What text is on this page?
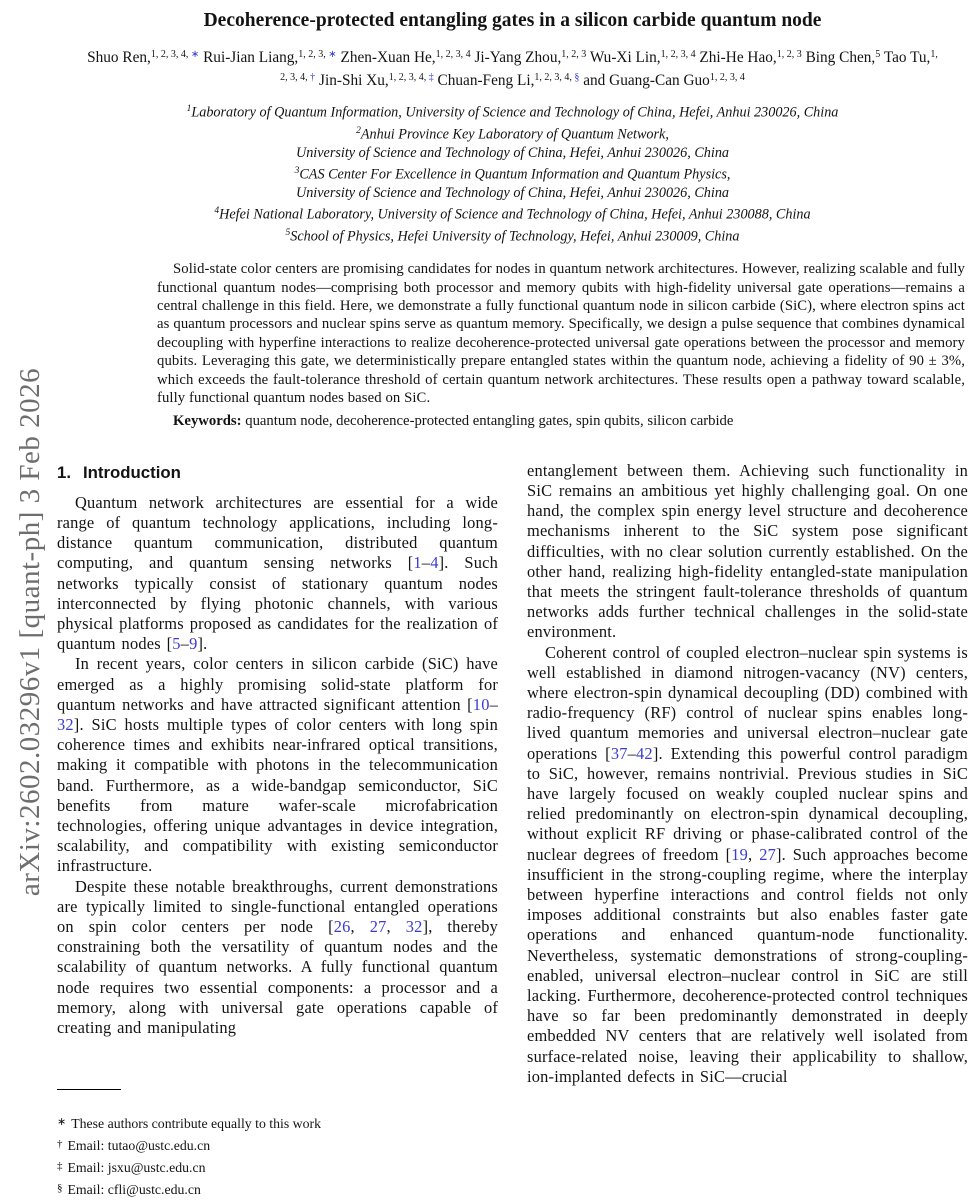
arXiv:2602.03296v1 [quant-ph] 3 Feb 2026
Decoherence-protected entangling gates in a silicon carbide quantum node
Shuo Ren,$^{1, 2, 3, 4,}$ ∗ Rui-Jian Liang,$^{1, 2, 3,}$ ∗ Zhen-Xuan He,$^{1, 2, 3, 4}$ Ji-Yang Zhou,$^{1, 2, 3}$ Wu-Xi Lin,$^{1, 2, 3, 4}$ Zhi-He Hao,$^{1, 2, 3}$ Bing Chen,$^5$ Tao Tu,$^{1, 2, 3, 4,}$ † Jin-Shi Xu,$^{1, 2, 3, 4,}$ ‡ Chuan-Feng Li,$^{1, 2, 3, 4,}$ § and Guang-Can Guo$^{1, 2, 3, 4}$
$^1$Laboratory of Quantum Information, University of Science and Technology of China, Hefei, Anhui 230026, China
$^2$Anhui Province Key Laboratory of Quantum Network,
University of Science and Technology of China, Hefei, Anhui 230026, China
$^3$CAS Center For Excellence in Quantum Information and Quantum Physics,
University of Science and Technology of China, Hefei, Anhui 230026, China
$^4$Hefei National Laboratory, University of Science and Technology of China, Hefei, Anhui 230088, China
$^5$School of Physics, Hefei University of Technology, Hefei, Anhui 230009, China

Solid-state color centers are promising candidates for nodes in quantum network architectures. However, realizing scalable and fully functional quantum nodes—comprising both processor and memory qubits with high-fidelity universal gate operations—remains a central challenge in this field. Here, we demonstrate a fully functional quantum node in silicon carbide (SiC), where electron spins act as quantum processors and nuclear spins serve as quantum memory. Specifically, we design a pulse sequence that combines dynamical decoupling with hyperfine interactions to realize decoherence-protected universal gate operations between the processor and memory qubits. Leveraging this gate, we deterministically prepare entangled states within the quantum node, achieving a fidelity of 90 ± 3%, which exceeds the fault-tolerance threshold of certain quantum network architectures. These results open a pathway toward scalable, fully functional quantum nodes based on SiC.

Keywords: quantum node, decoherence-protected entangling gates, spin qubits, silicon carbide

1. Introduction

Quantum network architectures are essential for a wide range of quantum technology applications, including long-distance quantum communication, distributed quantum computing, and quantum sensing networks [1–4]. Such networks typically consist of stationary quantum nodes interconnected by flying photonic channels, with various physical platforms proposed as candidates for the realization of quantum nodes [5–9].

In recent years, color centers in silicon carbide (SiC) have emerged as a highly promising solid-state platform for quantum networks and have attracted significant attention [10–32]. SiC hosts multiple types of color centers with long spin coherence times and exhibits near-infrared optical transitions, making it compatible with photons in the telecommunication band. Furthermore, as a wide-bandgap semiconductor, SiC benefits from mature wafer-scale microfabrication technologies, offering unique advantages in device integration, scalability, and compatibility with existing semiconductor infrastructure.

Despite these notable breakthroughs, current demonstrations are typically limited to single-functional entangled operations on spin color centers per node [26, 27, 32], thereby constraining both the versatility of quantum nodes and the scalability of quantum networks. A fully functional quantum node requires two essential components: a processor and a memory, along with universal gate operations capable of creating and manipulating

entanglement between them. Achieving such functionality in SiC remains an ambitious yet highly challenging goal. On one hand, the complex spin energy level structure and decoherence mechanisms inherent to the SiC system pose significant difficulties, with no clear solution currently established. On the other hand, realizing high-fidelity entangled-state manipulation that meets the stringent fault-tolerance thresholds of quantum networks adds further technical challenges in the solid-state environment.

Coherent control of coupled electron–nuclear spin systems is well established in diamond nitrogen-vacancy (NV) centers, where electron-spin dynamical decoupling (DD) combined with radio-frequency (RF) control of nuclear spins enables long-lived quantum memories and universal electron–nuclear gate operations [37–42]. Extending this powerful control paradigm to SiC, however, remains nontrivial. Previous studies in SiC have largely focused on weakly coupled nuclear spins and relied predominantly on electron-spin dynamical decoupling, without explicit RF driving or phase-calibrated control of the nuclear degrees of freedom [19, 27]. Such approaches become insufficient in the strong-coupling regime, where the interplay between hyperfine interactions and control fields not only imposes additional constraints but also enables faster gate operations and enhanced quantum-node functionality. Nevertheless, systematic demonstrations of strong-coupling-enabled, universal electron–nuclear control in SiC are still lacking. Furthermore, decoherence-protected control techniques have so far been predominantly demonstrated in deeply embedded NV centers that are relatively well isolated from surface-related noise, leaving their applicability to shallow, ion-implanted defects in SiC—crucial

∗ These authors contribute equally to this work
† Email: tutao@ustc.edu.cn
‡ Email: jsxu@ustc.edu.cn
§ Email: cfli@ustc.edu.cn
